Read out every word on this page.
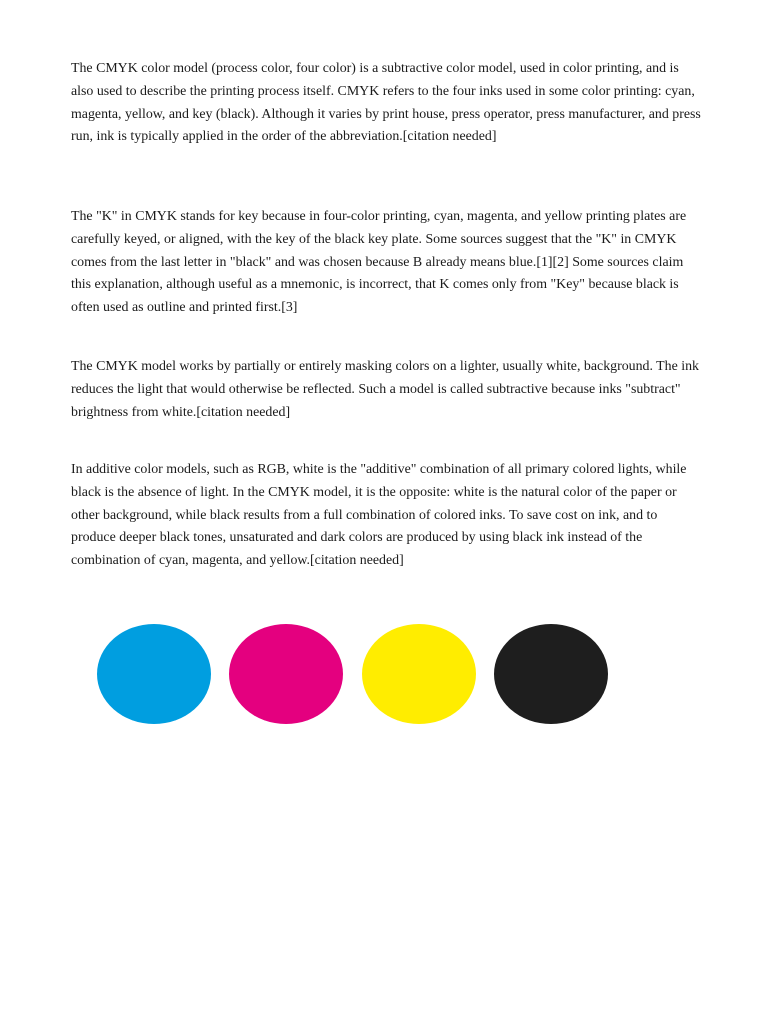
The CMYK color model (process color, four color) is a subtractive color model, used in color printing, and is also used to describe the printing process itself. CMYK refers to the four inks used in some color printing: cyan, magenta, yellow, and key (black). Although it varies by print house, press operator, press manufacturer, and press run, ink is typically applied in the order of the abbreviation.[citation needed]

The "K" in CMYK stands for key because in four-color printing, cyan, magenta, and yellow printing plates are carefully keyed, or aligned, with the key of the black key plate. Some sources suggest that the "K" in CMYK comes from the last letter in "black" and was chosen because B already means blue.[1][2] Some sources claim this explanation, although useful as a mnemonic, is incorrect, that K comes only from "Key" because black is often used as outline and printed first.[3]

The CMYK model works by partially or entirely masking colors on a lighter, usually white, background. The ink reduces the light that would otherwise be reflected. Such a model is called subtractive because inks "subtract" brightness from white.[citation needed]

In additive color models, such as RGB, white is the "additive" combination of all primary colored lights, while black is the absence of light. In the CMYK model, it is the opposite: white is the natural color of the paper or other background, while black results from a full combination of colored inks. To save cost on ink, and to produce deeper black tones, unsaturated and dark colors are produced by using black ink instead of the combination of cyan, magenta, and yellow.[citation needed]
